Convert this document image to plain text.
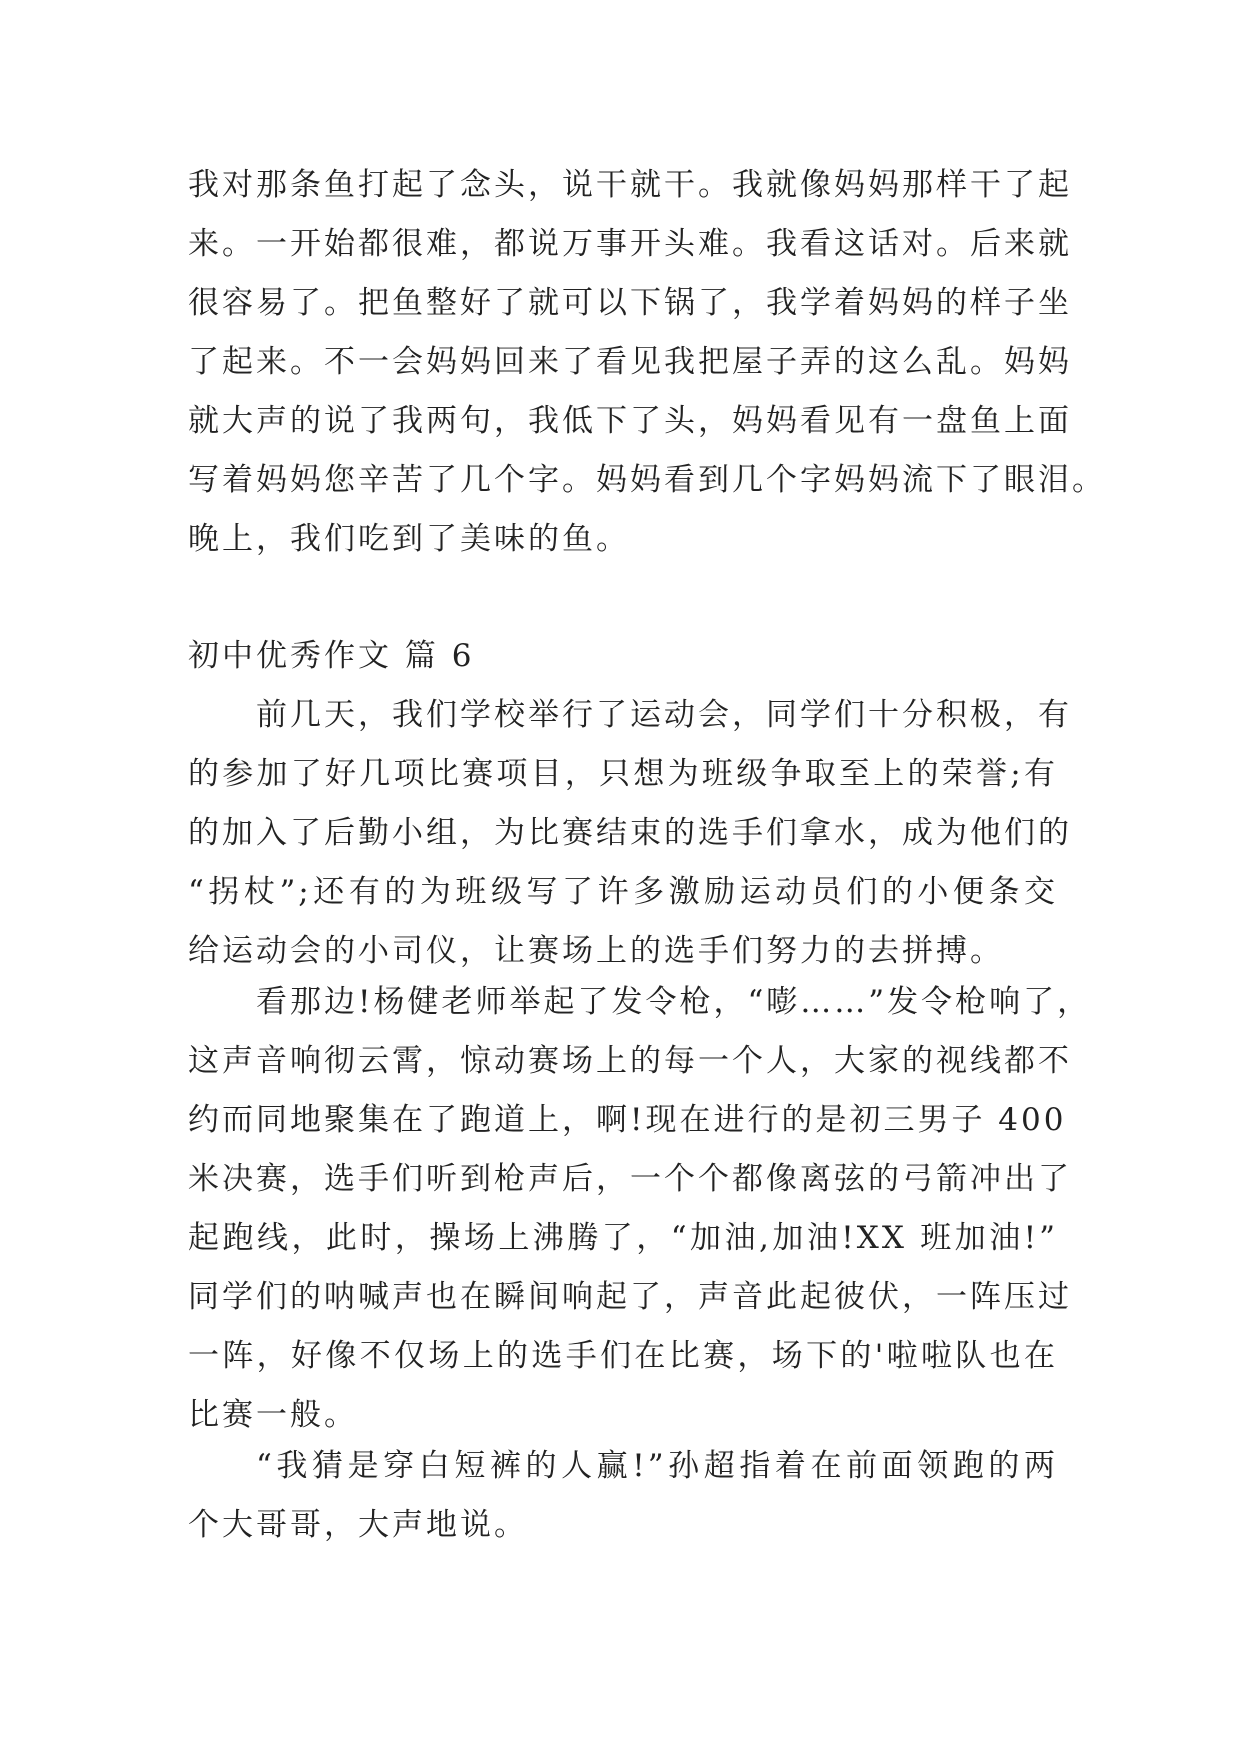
我对那条鱼打起了念头，说干就干。我就像妈妈那样干了起
来。一开始都很难，都说万事开头难。我看这话对。后来就
很容易了。把鱼整好了就可以下锅了，我学着妈妈的样子坐
了起来。不一会妈妈回来了看见我把屋子弄的这么乱。妈妈
就大声的说了我两句，我低下了头，妈妈看见有一盘鱼上面
写着妈妈您辛苦了几个字。妈妈看到几个字妈妈流下了眼泪。
晚上，我们吃到了美味的鱼。
初中优秀作文 篇 6
前几天，我们学校举行了运动会，同学们十分积极，有
的参加了好几项比赛项目，只想为班级争取至上的荣誉;有
的加入了后勤小组，为比赛结束的选手们拿水，成为他们的
“拐杖”;还有的为班级写了许多激励运动员们的小便条交
给运动会的小司仪，让赛场上的选手们努力的去拼搏。
看那边!杨健老师举起了发令枪，“嘭……”发令枪响了，
这声音响彻云霄，惊动赛场上的每一个人，大家的视线都不
约而同地聚集在了跑道上，啊!现在进行的是初三男子 400
米决赛，选手们听到枪声后，一个个都像离弦的弓箭冲出了
起跑线，此时，操场上沸腾了，“加油,加油!XX 班加油!”
同学们的呐喊声也在瞬间响起了，声音此起彼伏，一阵压过
一阵，好像不仅场上的选手们在比赛，场下的'啦啦队也在
比赛一般。
“我猜是穿白短裤的人赢!”孙超指着在前面领跑的两
个大哥哥，大声地说。
